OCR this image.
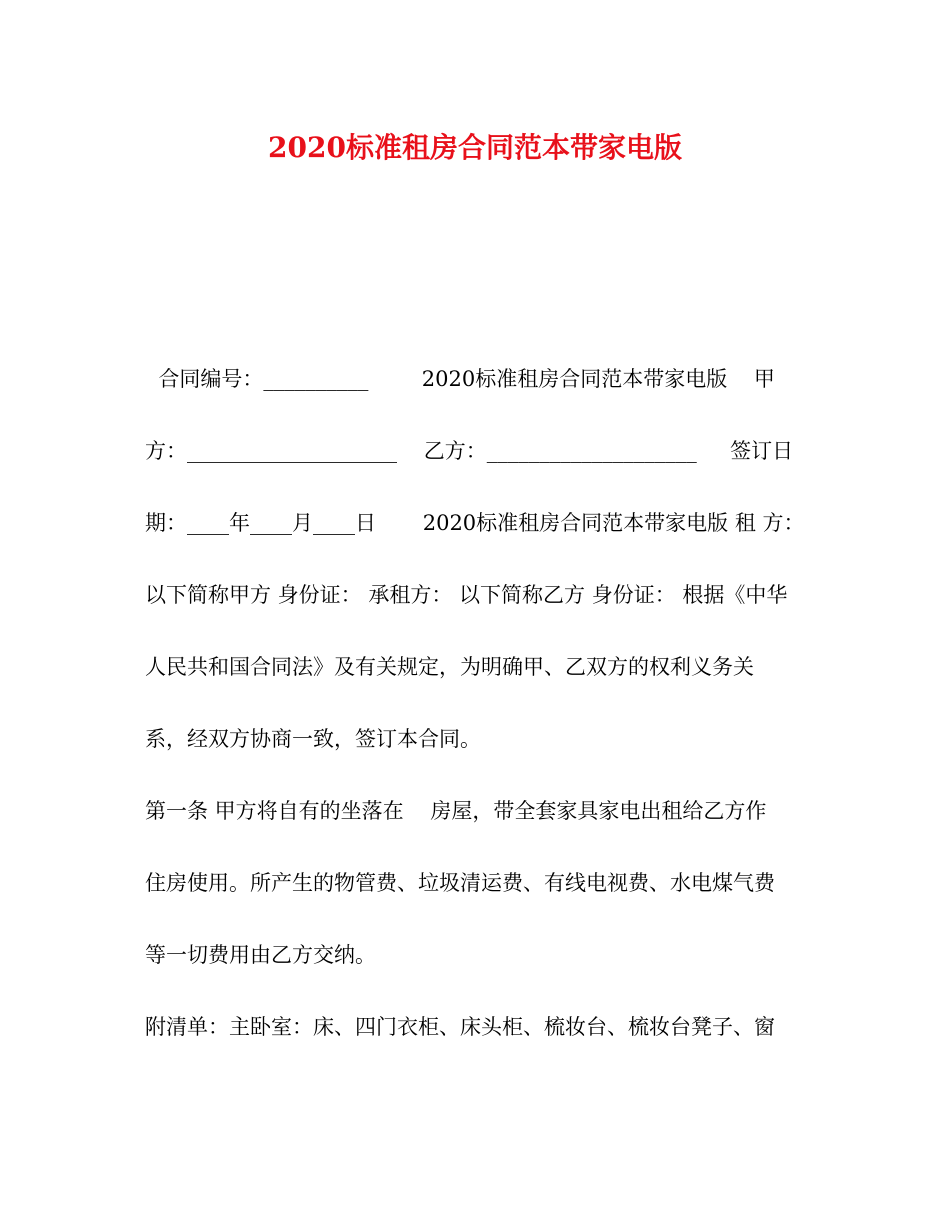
2020标准租房合同范本带家电版
合同编号：__________        2020标准租房合同范本带家电版    甲
方：____________________    乙方：____________________     签订日
期：____年____月____日       2020标准租房合同范本带家电版 租 方：
以下简称甲方 身份证： 承租方： 以下简称乙方 身份证： 根据《中华
人民共和国合同法》及有关规定，为明确甲、乙双方的权利义务关
系，经双方协商一致，签订本合同。
第一条 甲方将自有的坐落在    房屋，带全套家具家电出租给乙方作
住房使用。所产生的物管费、垃圾清运费、有线电视费、水电煤气费
等一切费用由乙方交纳。
附清单：主卧室：床、四门衣柜、床头柜、梳妆台、梳妆台凳子、窗
